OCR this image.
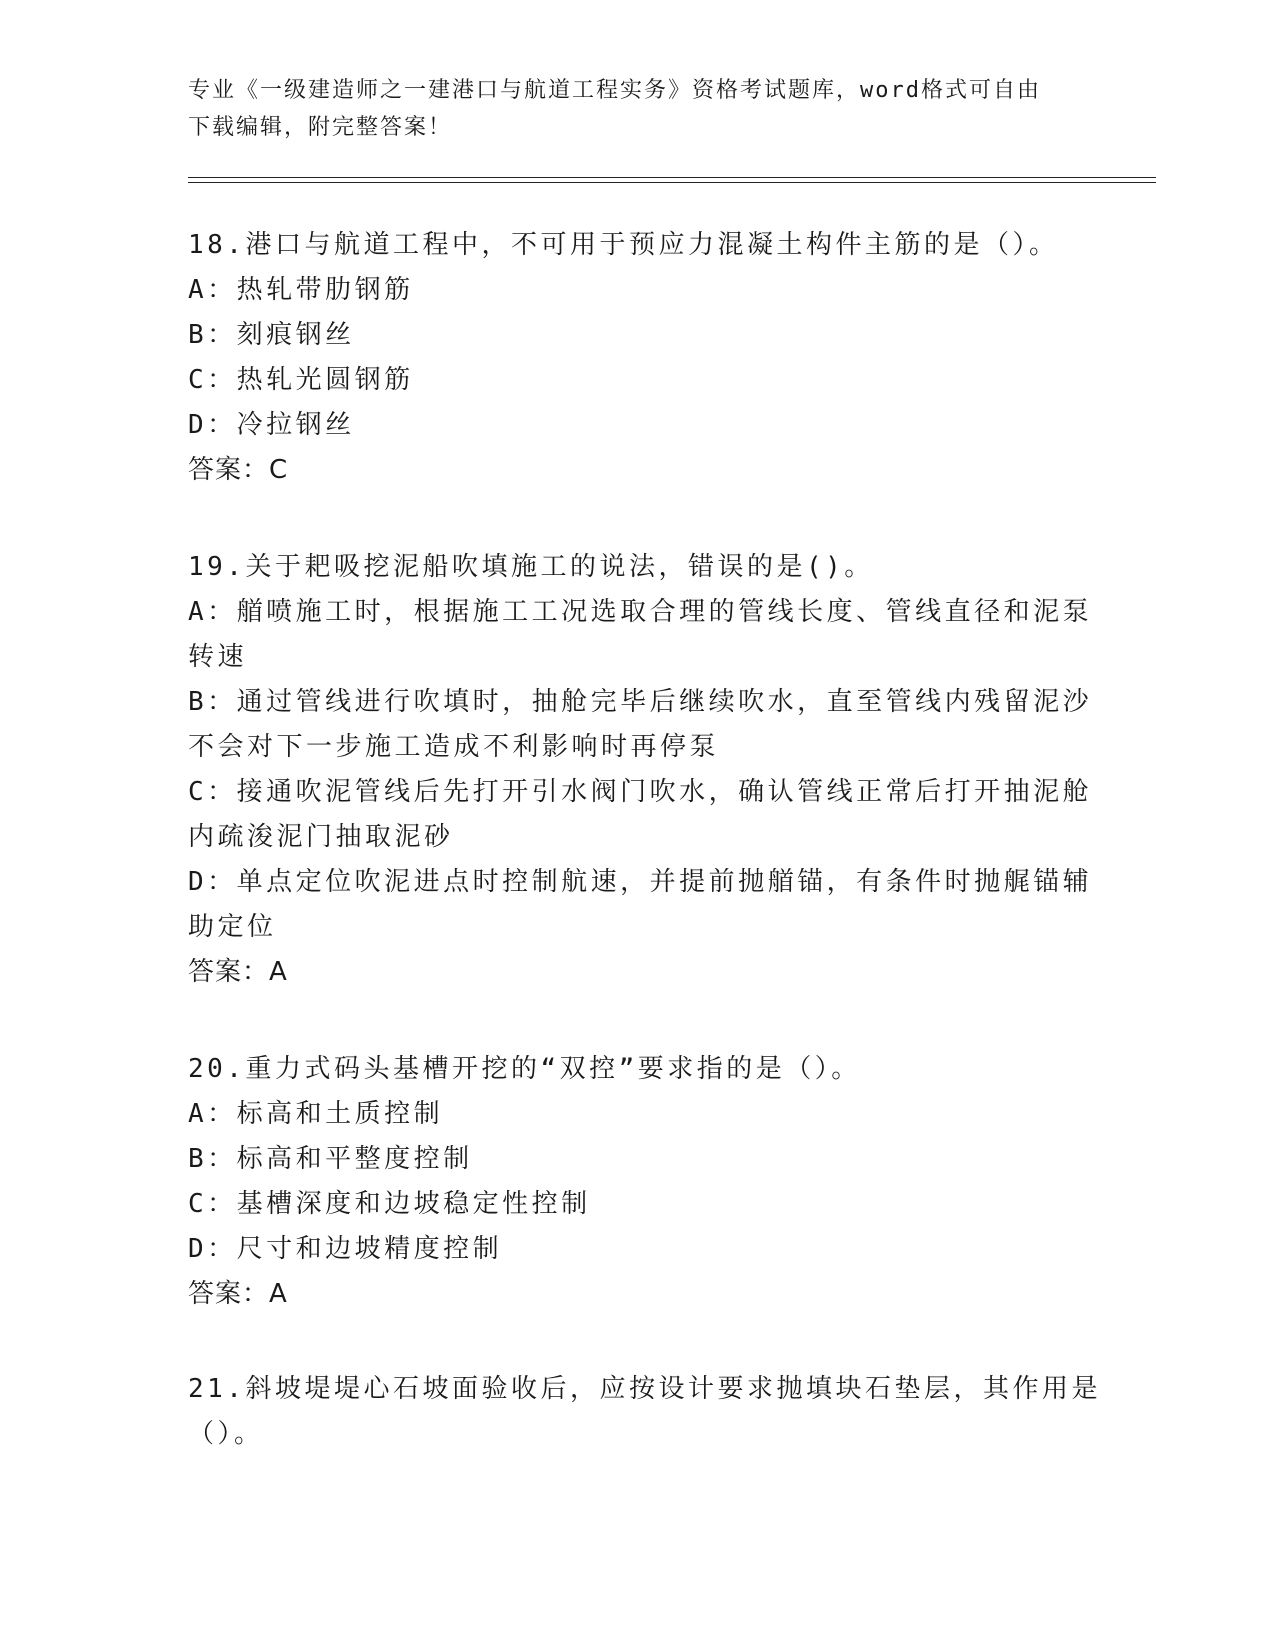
专业《一级建造师之一建港口与航道工程实务》资格考试题库，word格式可自由
下载编辑，附完整答案！
18.港口与航道工程中，不可用于预应力混凝土构件主筋的是（）。
A：热轧带肋钢筋
B：刻痕钢丝
C：热轧光圆钢筋
D：冷拉钢丝
答案：C
19.关于耙吸挖泥船吹填施工的说法，错误的是()。
A：艏喷施工时，根据施工工况选取合理的管线长度、管线直径和泥泵
转速
B：通过管线进行吹填时，抽舱完毕后继续吹水，直至管线内残留泥沙
不会对下一步施工造成不利影响时再停泵
C：接通吹泥管线后先打开引水阀门吹水，确认管线正常后打开抽泥舱
内疏浚泥门抽取泥砂
D：单点定位吹泥进点时控制航速，并提前抛艏锚，有条件时抛艉锚辅
助定位
答案：A
20.重力式码头基槽开挖的“双控”要求指的是（）。
A：标高和土质控制
B：标高和平整度控制
C：基槽深度和边坡稳定性控制
D：尺寸和边坡精度控制
答案：A
21.斜坡堤堤心石坡面验收后，应按设计要求抛填块石垫层，其作用是
（）。
